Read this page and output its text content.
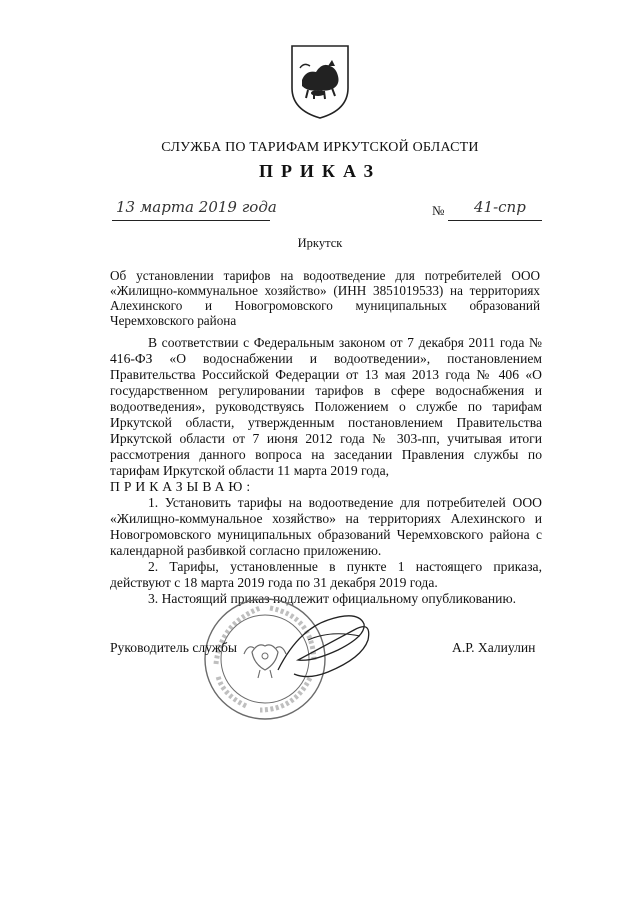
СЛУЖБА ПО ТАРИФАМ ИРКУТСКОЙ ОБЛАСТИ
ПРИКАЗ
13 марта 2019 года	№ 41-спр
Иркутск
Об установлении тарифов на водоотведение для потребителей ООО «Жилищно-коммунальное хозяйство» (ИНН 3851019533) на территориях Алехинского и Новогромовского муниципальных образований Черемховского района

В соответствии с Федеральным законом от 7 декабря 2011 года № 416-ФЗ «О водоснабжении и водоотведении», постановлением Правительства Российской Федерации от 13 мая 2013 года № 406 «О государственном регулировании тарифов в сфере водоснабжения и водоотведения», руководствуясь Положением о службе по тарифам Иркутской области, утвержденным постановлением Правительства Иркутской области от 7 июня 2012 года № 303-пп, учитывая итоги рассмотрения данного вопроса на заседании Правления службы по тарифам Иркутской области 11 марта 2019 года,

ПРИКАЗЫВАЮ:

1. Установить тарифы на водоотведение для потребителей ООО «Жилищно-коммунальное хозяйство» на территориях Алехинского и Новогромовского муниципальных образований Черемховского района с календарной разбивкой согласно приложению.

2. Тарифы, установленные в пункте 1 настоящего приказа, действуют с 18 марта 2019 года по 31 декабря 2019 года.

3. Настоящий приказ подлежит официальному опубликованию.

Руководитель службы	А.Р. Халиулин
